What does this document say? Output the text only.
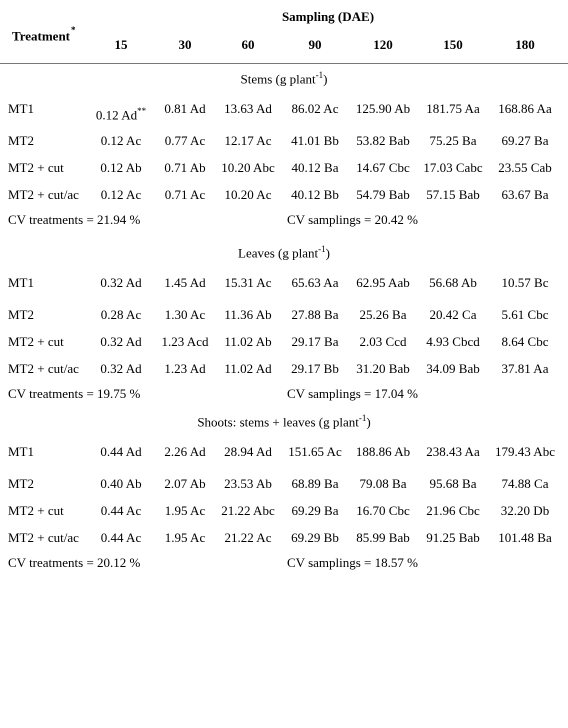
Sampling (DAE)
Treatment*
15	30	60	90	120	150	180
Stems (g plant$^{-1}$)
MT1	0.12 Ad** 0.81 Ad 13.63 Ad 86.02 Ac 125.90 Ab 181.75 Aa 168.86 Aa
MT2	0.12 Ac 0.77 Ac 12.17 Ac 41.01 Bb 53.82 Bab 75.25 Ba 69.27 Ba
MT2 + cut	0.12 Ab 0.71 Ab 10.20 Abc 40.12 Ba 14.67 Cbc 17.03 Cabc 23.55 Cab
MT2 + cut/ac 0.12 Ac 0.71 Ac 10.20 Ac 40.12 Bb 54.79 Bab 57.15 Bab 63.67 Ba
CV treatments = 21.94 %	CV samplings = 20.42 %
Leaves (g plant$^{-1}$)
MT1	0.32 Ad 1.45 Ad 15.31 Ac 65.63 Aa 62.95 Aab 56.68 Ab 10.57 Bc
MT2	0.28 Ac 1.30 Ac 11.36 Ab 27.88 Ba 25.26 Ba 20.42 Ca 5.61 Cbc
MT2 + cut	0.32 Ad 1.23 Acd 11.02 Ab 29.17 Ba 2.03 Ccd 4.93 Cbcd 8.64 Cbc
MT2 + cut/ac 0.32 Ad 1.23 Ad 11.02 Ad 29.17 Bb 31.20 Bab 34.09 Bab 37.81 Aa
CV treatments = 19.75 %	CV samplings = 17.04 %
Shoots: stems + leaves (g plant$^{-1}$)
MT1	0.44 Ad 2.26 Ad 28.94 Ad 151.65 Ac 188.86 Ab 238.43 Aa 179.43 Abc
MT2	0.40 Ab 2.07 Ab 23.53 Ab 68.89 Ba 79.08 Ba 95.68 Ba 74.88 Ca
MT2 + cut	0.44 Ac 1.95 Ac 21.22 Abc 69.29 Ba 16.70 Cbc 21.96 Cbc 32.20 Db
MT2 + cut/ac 0.44 Ac 1.95 Ac 21.22 Ac 69.29 Bb 85.99 Bab 91.25 Bab 101.48 Ba
CV treatments = 20.12 %	CV samplings = 18.57 %
